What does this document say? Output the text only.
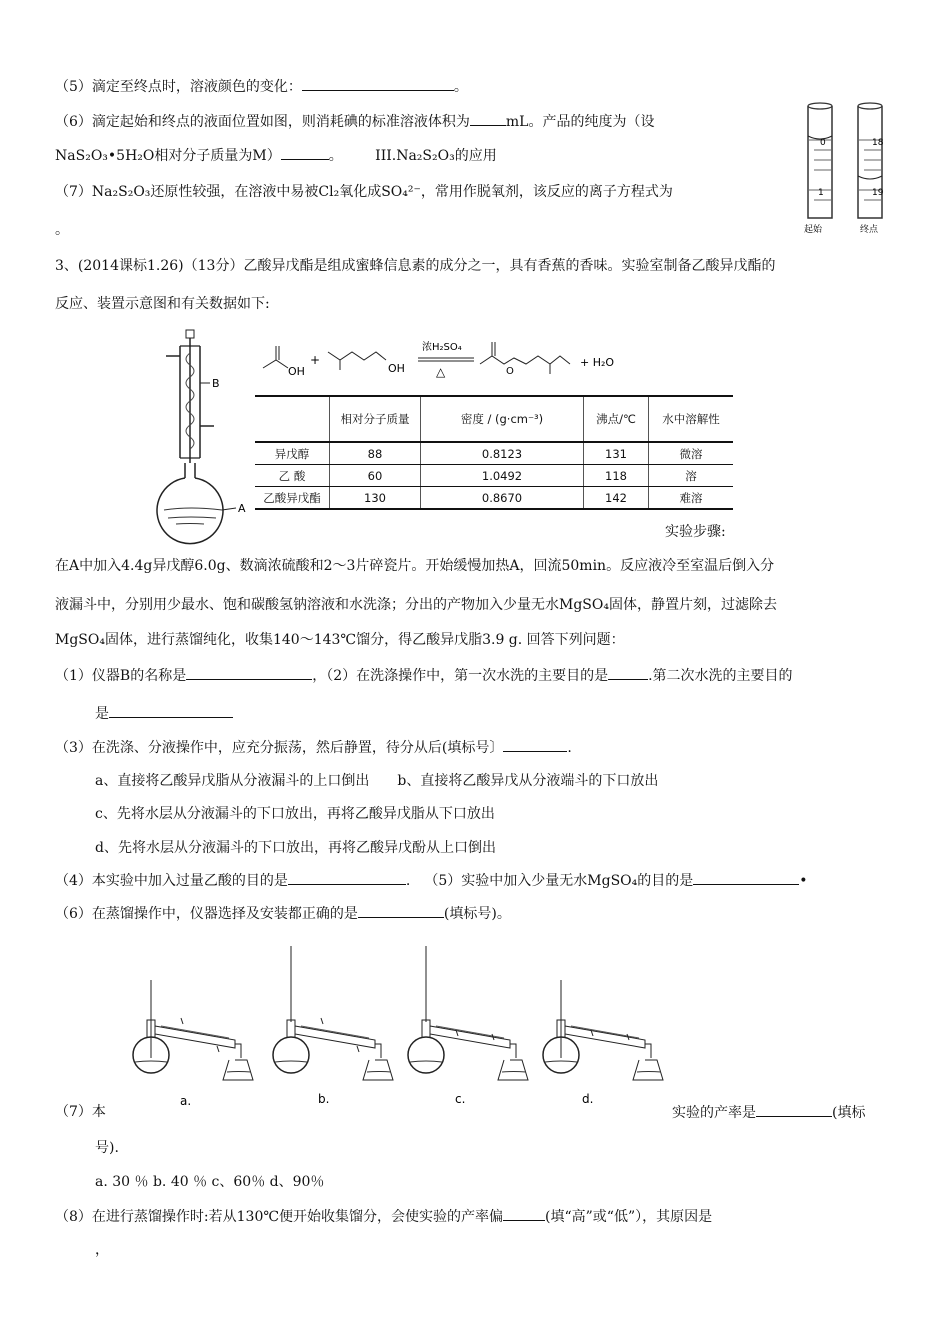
（5）滴定至终点时，溶液颜色的变化：	。
（6）滴定起始和终点的液面位置如图，则消耗碘的标准溶液体积为	mL。产品的纯度为（设
NaS₂O₃•5H₂O相对分子质量为M）	。 III.Na₂S₂O₃的应用
（7）Na₂S₂O₃还原性较强，在溶液中易被Cl₂氧化成SO₄²⁻，常用作脱氧剂，该反应的离子方程式为
。
0
1
起始
18
19
终点
3、(2014课标1.26)（13分）乙酸异戊酯是组成蜜蜂信息素的成分之一，具有香蕉的香味。实验室制备乙酸异戊酯的
反应、装置示意图和有关数据如下:
B
A
OH
+
OH
浓H₂SO₄
△	O
+ H₂O
	相对分子质量	密度 / (g·cm⁻³)	沸点/℃	水中溶解性
异戊醇	88	0.8123	131	微溶
乙 酸	60	1.0492	118	溶
乙酸异戊酯	130	0.8670	142	难溶
实验步骤:
在A中加入4.4g异戊醇6.0g、数滴浓硫酸和2～3片碎瓷片。开始缓慢加热A，回流50min。反应液冷至室温后倒入分
液漏斗中，分别用少最水、饱和碳酸氢钠溶液和水洗涤；分出的产物加入少量无水MgSO₄固体，静置片刻，过滤除去
MgSO₄固体，进行蒸馏纯化，收集140～143℃馏分，得乙酸异戊脂3.9 g. 回答下列问题：
（1）仪器B的名称是	，（2）在洗涤操作中，第一次水洗的主要目的是	.第二次水洗的主要目的
是
（3）在洗涤、分液操作中，应充分振荡，然后静置，待分从后(填标号〕	.
a、直接将乙酸异戊脂从分液漏斗的上口倒出 b、直接将乙酸异戊从分液端斗的下口放出
c、先将水层从分液漏斗的下口放出，再将乙酸异戊脂从下口放出
d、先将水层从分液漏斗的下口放出，再将乙酸异戊酚从上口倒出
（4）本实验中加入过量乙酸的目的是	. （5）实验中加入少量无水MgSO₄的目的是	•
（6）在蒸馏操作中，仪器选择及安装都正确的是	(填标号)。
a.	b.	c.	d.
（7）本	实验的产率是	(填标
号).
a. 30 ％ b. 40 ％ c、60％ d、90％
（8）在进行蒸馏操作时:若从130℃便开始收集馏分，会使实验的产率偏	(填“高”或“低”），其原因是
，
